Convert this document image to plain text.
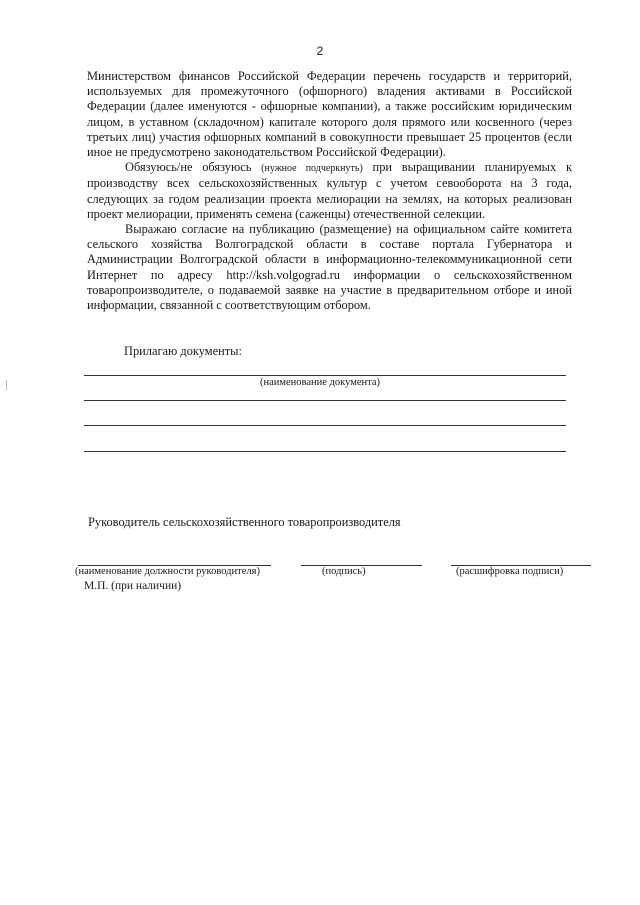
2

Министерством финансов Российской Федерации перечень государств и территорий, используемых для промежуточного (офшорного) владения активами в Российской Федерации (далее именуются - офшорные компании), а также российским юридическим лицом, в уставном (складочном) капитале которого доля прямого или косвенного (через третьих лиц) участия офшорных компаний в совокупности превышает 25 процентов (если иное не предусмотрено законодательством Российской Федерации).

Обязуюсь/не обязуюсь (нужное подчеркнуть) при выращивании планируемых к производству всех сельскохозяйственных культур с учетом севооборота на 3 года, следующих за годом реализации проекта мелиорации на землях, на которых реализован проект мелиорации, применять семена (саженцы) отечественной селекции.

Выражаю согласие на публикацию (размещение) на официальном сайте комитета сельского хозяйства Волгоградской области в составе портала Губернатора и Администрации Волгоградской области в информационно-телекоммуникационной сети Интернет по адресу http://ksh.volgograd.ru информации о сельскохозяйственном товаропроизводителе, о подаваемой заявке на участие в предварительном отборе и иной информации, связанной с соответствующим отбором.

Прилагаю документы:
(наименование документа)
Руководитель сельскохозяйственного товаропроизводителя
(наименование должности руководителя)	(подпись)	(расшифровка подписи)
М.П. (при наличии)
